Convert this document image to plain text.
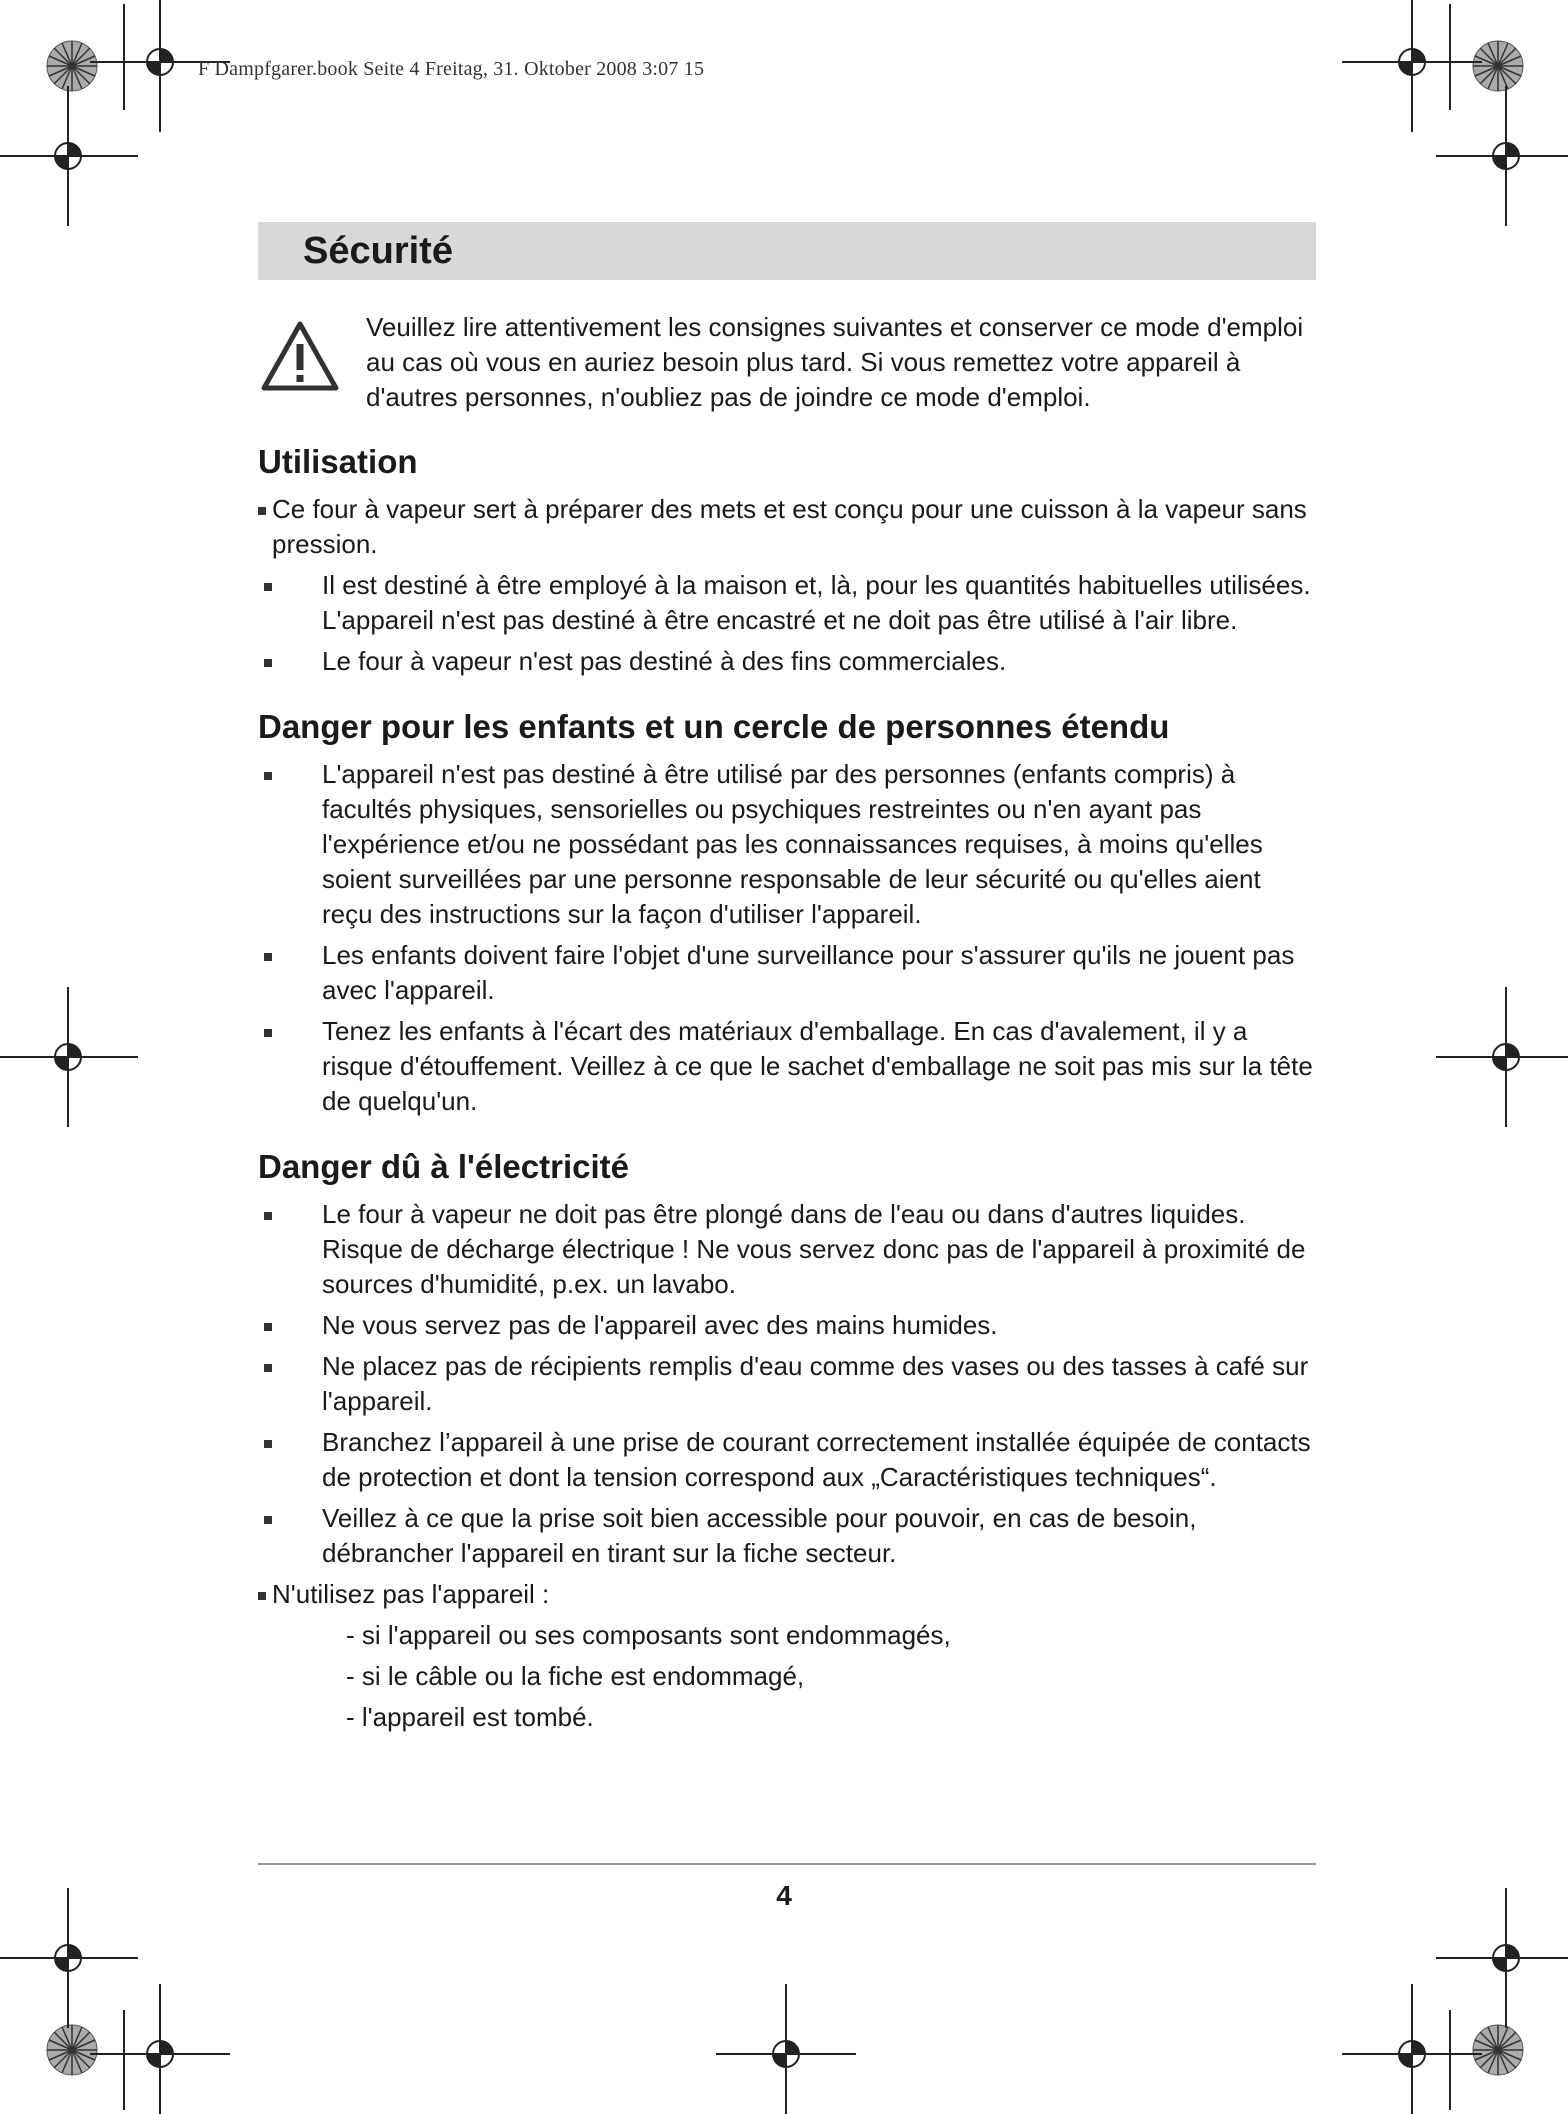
F Dampfgarer.book Seite 4 Freitag, 31. Oktober 2008 3:07 15
Sécurité

Veuillez lire attentivement les consignes suivantes et conserver ce mode d'emploi au cas où vous en auriez besoin plus tard. Si vous remettez votre appareil à d'autres personnes, n'oubliez pas de joindre ce mode d'emploi.

Utilisation
Ce four à vapeur sert à préparer des mets et est conçu pour une cuisson à la vapeur sans pression.
Il est destiné à être employé à la maison et, là, pour les quantités habituelles utilisées. L'appareil n'est pas destiné à être encastré et ne doit pas être utilisé à l'air libre.
Le four à vapeur n'est pas destiné à des fins commerciales.
Danger pour les enfants et un cercle de personnes étendu
L'appareil n'est pas destiné à être utilisé par des personnes (enfants compris) à facultés physiques, sensorielles ou psychiques restreintes ou n'en ayant pas l'expérience et/ou ne possédant pas les connaissances requises, à moins qu'elles soient surveillées par une personne responsable de leur sécurité ou qu'elles aient reçu des instructions sur la façon d'utiliser l'appareil.
Les enfants doivent faire l'objet d'une surveillance pour s'assurer qu'ils ne jouent pas avec l'appareil.
Tenez les enfants à l'écart des matériaux d'emballage. En cas d'avalement, il y a risque d'étouffement. Veillez à ce que le sachet d'emballage ne soit pas mis sur la tête de quelqu'un.
Danger dû à l'électricité
Le four à vapeur ne doit pas être plongé dans de l'eau ou dans d'autres liquides. Risque de décharge électrique ! Ne vous servez donc pas de l'appareil à proximité de sources d'humidité, p.ex. un lavabo.
Ne vous servez pas de l'appareil avec des mains humides.
Ne placez pas de récipients remplis d'eau comme des vases ou des tasses à café sur l'appareil.
Branchez l’appareil à une prise de courant correctement installée équipée de contacts de protection et dont la tension correspond aux „Caractéristiques techniques“.
Veillez à ce que la prise soit bien accessible pour pouvoir, en cas de besoin, débrancher l'appareil en tirant sur la fiche secteur.
N'utilisez pas l'appareil :
- si l'appareil ou ses composants sont endommagés,
- si le câble ou la fiche est endommagé,
- l'appareil est tombé.
4
